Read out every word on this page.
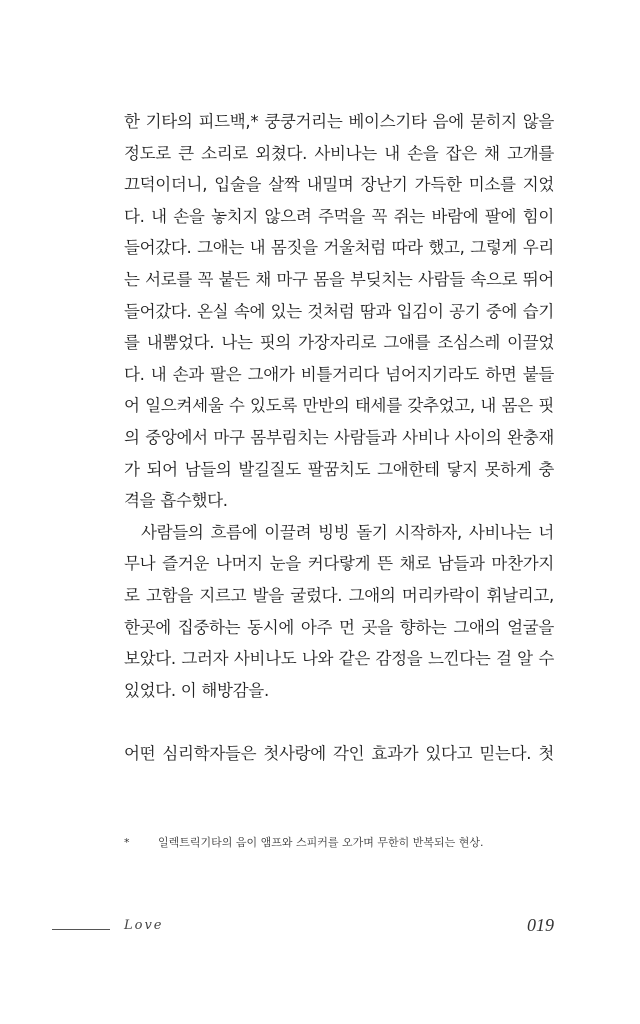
한 기타의 피드백,* 쿵쿵거리는 베이스기타 음에 묻히지 않을
정도로 큰 소리로 외쳤다. 사비나는 내 손을 잡은 채 고개를
끄덕이더니, 입술을 살짝 내밀며 장난기 가득한 미소를 지었
다. 내 손을 놓치지 않으려 주먹을 꼭 쥐는 바람에 팔에 힘이
들어갔다. 그애는 내 몸짓을 거울처럼 따라 했고, 그렇게 우리
는 서로를 꼭 붙든 채 마구 몸을 부딪치는 사람들 속으로 뛰어
들어갔다. 온실 속에 있는 것처럼 땀과 입김이 공기 중에 습기
를 내뿜었다. 나는 핏의 가장자리로 그애를 조심스레 이끌었
다. 내 손과 팔은 그애가 비틀거리다 넘어지기라도 하면 붙들
어 일으켜세울 수 있도록 만반의 태세를 갖추었고, 내 몸은 핏
의 중앙에서 마구 몸부림치는 사람들과 사비나 사이의 완충재
가 되어 남들의 발길질도 팔꿈치도 그애한테 닿지 못하게 충
격을 흡수했다.
사람들의 흐름에 이끌려 빙빙 돌기 시작하자, 사비나는 너
무나 즐거운 나머지 눈을 커다랗게 뜬 채로 남들과 마찬가지
로 고함을 지르고 발을 굴렀다. 그애의 머리카락이 휘날리고,
한곳에 집중하는 동시에 아주 먼 곳을 향하는 그애의 얼굴을
보았다. 그러자 사비나도 나와 같은 감정을 느낀다는 걸 알 수
있었다. 이 해방감을.
어떤 심리학자들은 첫사랑에 각인 효과가 있다고 믿는다. 첫
*	일렉트릭기타의 음이 앰프와 스피커를 오가며 무한히 반복되는 현상.
Love	019
